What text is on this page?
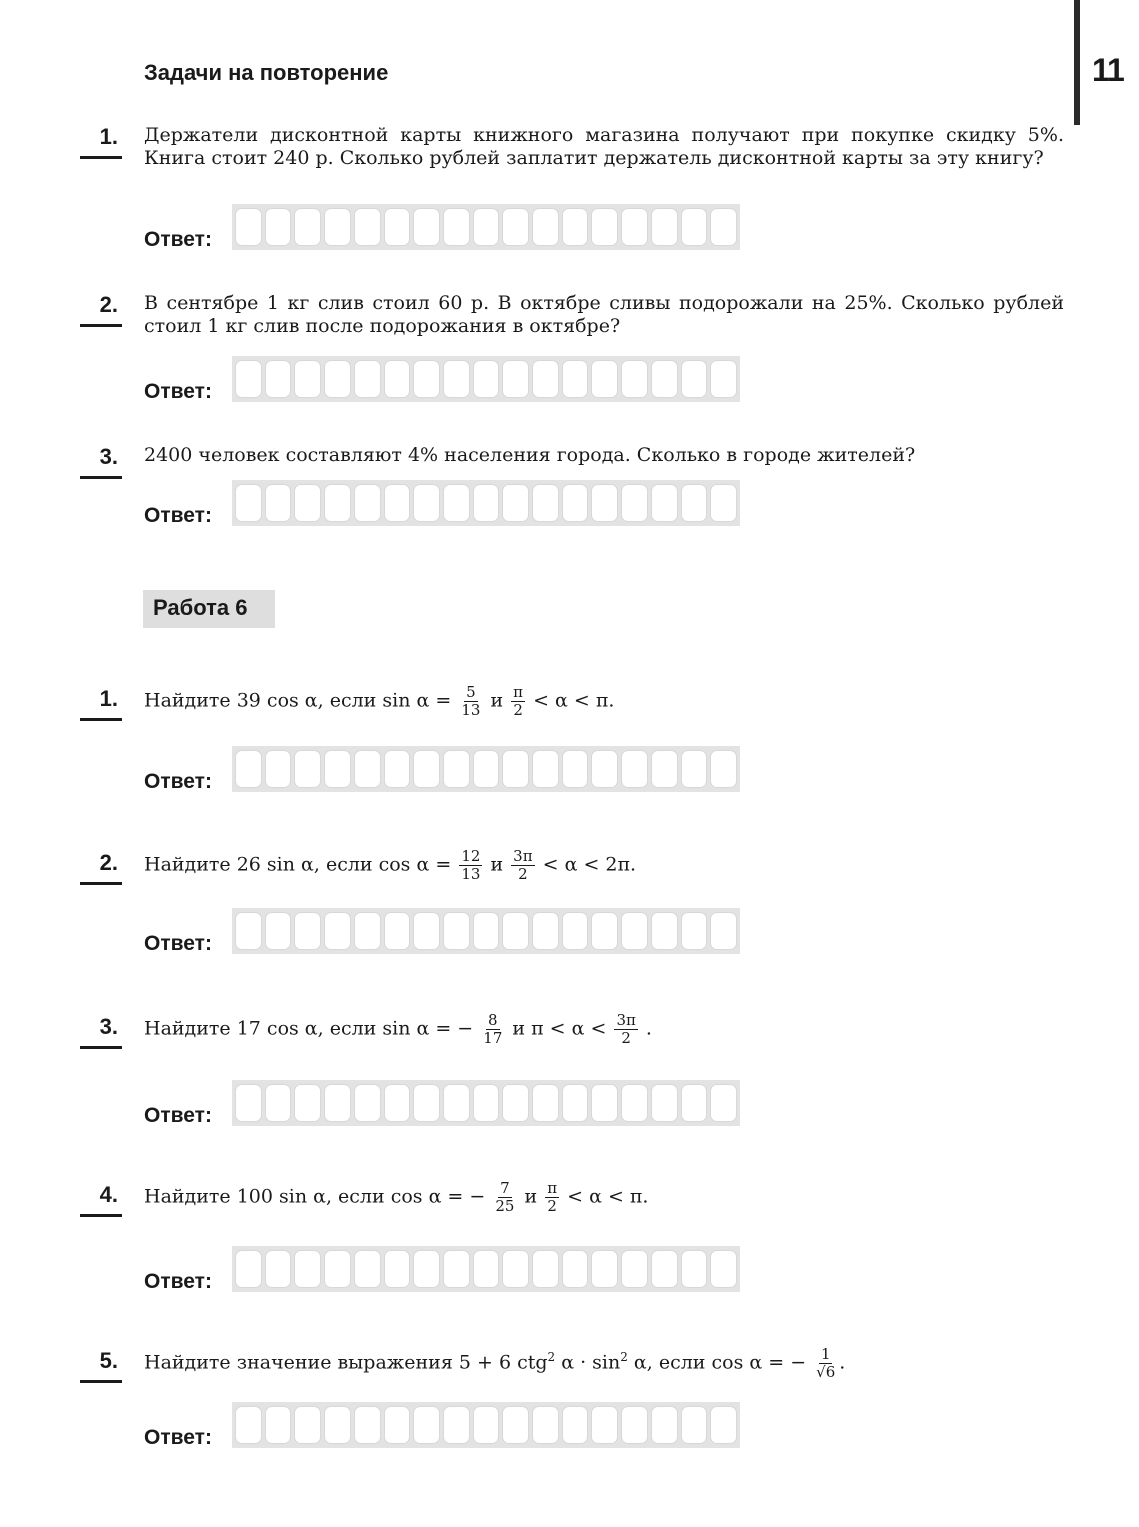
11
Задачи на повторение
1. Держатели дисконтной карты книжного магазина получают при покупке скидку 5%. Книга стоит 240 р. Сколько рублей заплатит держатель дисконтной карты за эту книгу?
Ответ:
2. В сентябре 1 кг слив стоил 60 р. В октябре сливы подорожали на 25%. Сколько рублей стоил 1 кг слив после подорожания в октябре?
Ответ:
3. 2400 человек составляют 4% населения города. Сколько в городе жителей?
Ответ:
Работа 6
1. Найдите 39 cos α, если $\sin \alpha = \frac{5}{13}$ и $\frac{\pi}{2} < \alpha < \pi$.
Ответ:
2. Найдите 26 sin α, если $\cos \alpha = \frac{12}{13}$ и $\frac{3\pi}{2} < \alpha < 2\pi$.
Ответ:
3. Найдите 17 cos α, если sin α = − $\frac{8}{17}$ и $\pi < \alpha < \frac{3\pi}{2}$ .
Ответ:
4. Найдите 100 sin α, если cos α = − $\frac{7}{25}$ и $\frac{\pi}{2} < \alpha < \pi$.
Ответ:
5. Найдите значение выражения 5 + 6 ctg$^2$ $\alpha \cdot \sin^2 \alpha$, если cos α = − $\frac{1}{√6}$ .
Ответ:
